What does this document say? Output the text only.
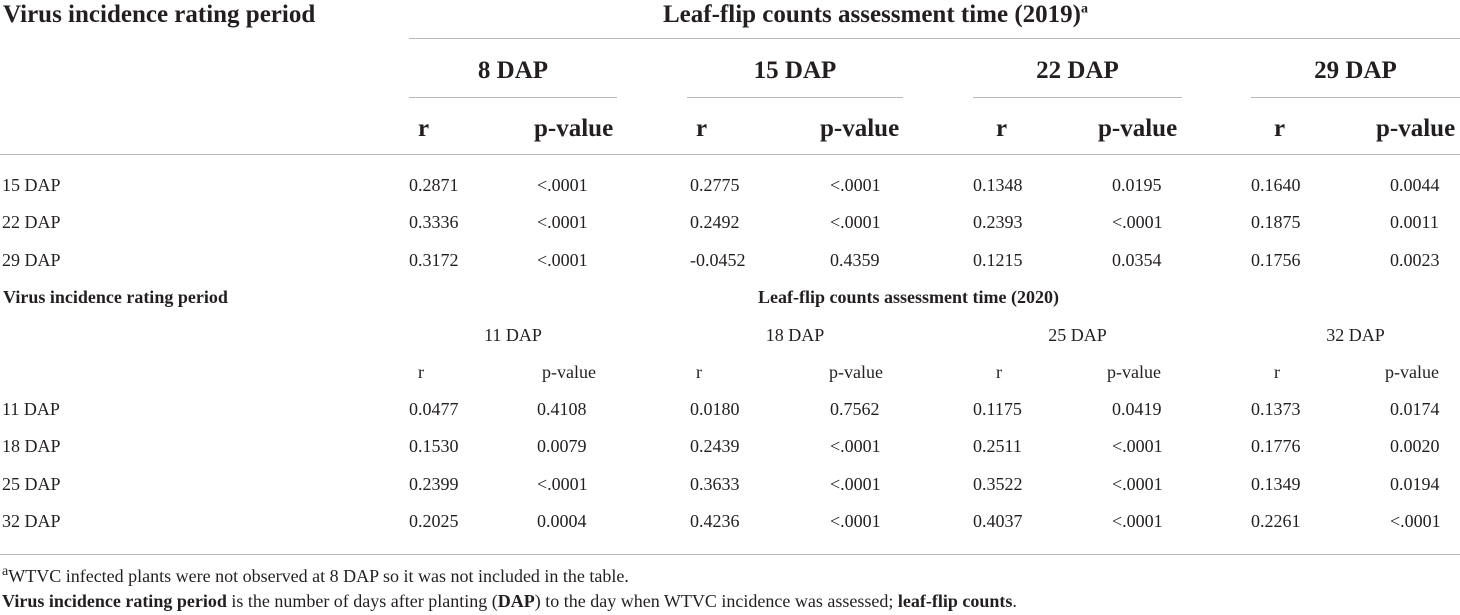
Virus incidence rating period	Leaf-flip counts assessment time $(2019)^a$
8 DAP	15 DAP	22 DAP	29 DAP
r	p-value	r	p-value	r	p-value	r	p-value
15 DAP	0.2871	<.0001	0.2775	<.0001	0.1348	0.0195	0.1640	0.0044
22 DAP	0.3336	<.0001	0.2492	<.0001	0.2393	<.0001	0.1875	0.0011
29 DAP	0.3172	<.0001	-0.0452	0.4359	0.1215	0.0354	0.1756	0.0023
Virus incidence rating period	Leaf-flip counts assessment time (2020)
11 DAP	18 DAP	25 DAP	32 DAP
r	p-value	r	p-value	r	p-value	r	p-value
11 DAP	0.0477	0.4108	0.0180	0.7562	0.1175	0.0419	0.1373	0.0174
18 DAP	0.1530	0.0079	0.2439	<.0001	0.2511	<.0001	0.1776	0.0020
25 DAP	0.2399	<.0001	0.3633	<.0001	0.3522	<.0001	0.1349	0.0194
32 DAP	0.2025	0.0004	0.4236	<.0001	0.4037	<.0001	0.2261	<.0001
$^a$WTVC infected plants were not observed at 8 DAP so it was not included in the table.
Virus incidence rating period is the number of days after planting (DAP) to the day when WTVC incidence was assessed; leaf-flip counts.
